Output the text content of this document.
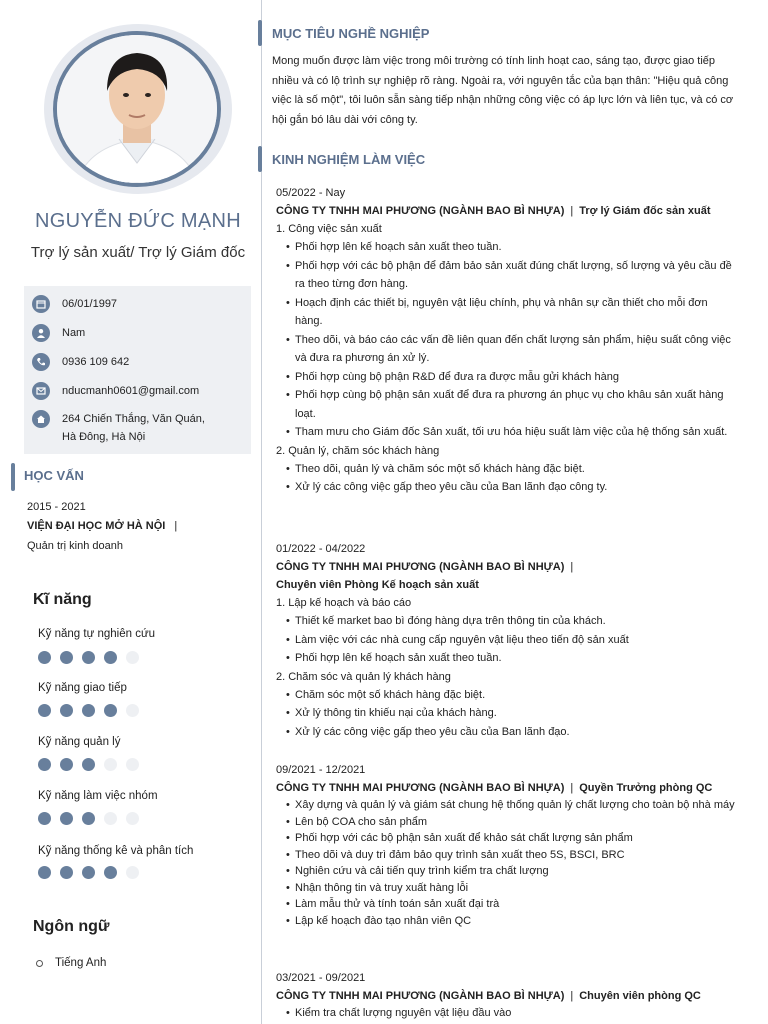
NGUYỄN ĐỨC MẠNH
Trợ lý sản xuất/ Trợ lý Giám đốc
06/01/1997
Nam
0936 109 642
nducmanh0601@gmail.com
264 Chiến Thắng, Văn Quán, Hà Đông, Hà Nội
HỌC VẤN
2015 - 2021
VIỆN ĐẠI HỌC MỞ HÀ NỘI |
Quản trị kinh doanh
Kĩ năng
Kỹ năng tự nghiên cứu
Kỹ năng giao tiếp
Kỹ năng quản lý
Kỹ năng làm việc nhóm
Kỹ năng thống kê và phân tích
Ngôn ngữ
Tiếng Anh
MỤC TIÊU NGHỀ NGHIỆP
Mong muốn được làm việc trong môi trường có tính linh hoạt cao, sáng tạo, được giao tiếp nhiều và có lộ trình sự nghiệp rõ ràng. Ngoài ra, với nguyên tắc của bạn thân: "Hiệu quả công việc là số một", tôi luôn sẵn sàng tiếp nhận những công việc có áp lực lớn và liên tục, và có cơ hội gắn bó lâu dài với công ty.
KINH NGHIỆM LÀM VIỆC
05/2022 - Nay
CÔNG TY TNHH MAI PHƯƠNG (NGÀNH BAO BÌ NHỰA) | Trợ lý Giám đốc sản xuất
1. Công việc sản xuất
• Phối hợp lên kế hoạch sản xuất theo tuần.
• Phối hợp với các bộ phận để đảm bảo sản xuất đúng chất lượng, số lượng và yêu cầu đề ra theo từng đơn hàng.
• Hoạch định các thiết bị, nguyên vật liệu chính, phụ và nhân sự cần thiết cho mỗi đơn hàng.
• Theo dõi, và báo cáo các vấn đề liên quan đến chất lượng sản phẩm, hiệu suất công việc và đưa ra phương án xử lý.
• Phối hợp cùng bộ phận R&D để đưa ra được mẫu gửi khách hàng
• Phối hợp cùng bộ phận sản xuất để đưa ra phương án phục vụ cho khâu sản xuất hàng loạt.
• Tham mưu cho Giám đốc Sản xuất, tối ưu hóa hiệu suất làm việc của hệ thống sản xuất.
2. Quản lý, chăm sóc khách hàng
• Theo dõi, quản lý và chăm sóc một số khách hàng đặc biệt.
• Xử lý các công việc gấp theo yêu cầu của Ban lãnh đạo công ty.
01/2022 - 04/2022
CÔNG TY TNHH MAI PHƯƠNG (NGÀNH BAO BÌ NHỰA) |
Chuyên viên Phòng Kế hoạch sản xuất
1. Lập kế hoạch và báo cáo
• Thiết kế market bao bì đóng hàng dựa trên thông tin của khách.
• Làm việc với các nhà cung cấp nguyên vật liệu theo tiến độ sản xuất
• Phối hợp lên kế hoạch sản xuất theo tuần.
2. Chăm sóc và quản lý khách hàng
• Chăm sóc một số khách hàng đặc biệt.
• Xử lý thông tin khiếu nại của khách hàng.
• Xử lý các công việc gấp theo yêu cầu của Ban lãnh đạo.
09/2021 - 12/2021
CÔNG TY TNHH MAI PHƯƠNG (NGÀNH BAO BÌ NHỰA) | Quyền Trưởng phòng QC
• Xây dựng và quản lý và giám sát chung hệ thống quản lý chất lượng cho toàn bộ nhà máy
• Lên bộ COA cho sản phẩm
• Phối hợp với các bộ phận sản xuất để khảo sát chất lượng sản phẩm
• Theo dõi và duy trì đảm bảo quy trình sản xuất theo 5S, BSCI, BRC
• Nghiên cứu và cải tiến quy trình kiểm tra chất lượng
• Nhận thông tin và truy xuất hàng lỗi
• Làm mẫu thử và tính toán sản xuất đại trà
• Lập kế hoạch đào tạo nhân viên QC
03/2021 - 09/2021
CÔNG TY TNHH MAI PHƯƠNG (NGÀNH BAO BÌ NHỰA) | Chuyên viên phòng QC
• Kiểm tra chất lượng nguyên vật liệu đầu vào
